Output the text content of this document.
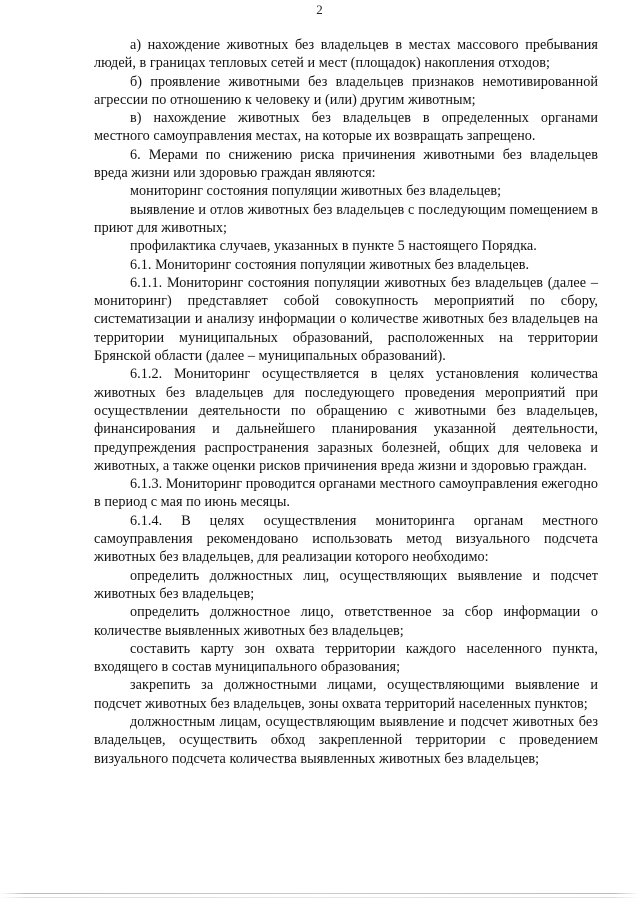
2

а) нахождение животных без владельцев в местах массового пребывания людей, в границах тепловых сетей и мест (площадок) накопления отходов;

б) проявление животными без владельцев признаков немотивированной агрессии по отношению к человеку и (или) другим животным;

в) нахождение животных без владельцев в определенных органами местного самоуправления местах, на которые их возвращать запрещено.

6. Мерами по снижению риска причинения животными без владельцев вреда жизни или здоровью граждан являются:

мониторинг состояния популяции животных без владельцев;

выявление и отлов животных без владельцев с последующим помещением в приют для животных;

профилактика случаев, указанных в пункте 5 настоящего Порядка.

6.1. Мониторинг состояния популяции животных без владельцев.

6.1.1. Мониторинг состояния популяции животных без владельцев (далее – мониторинг) представляет собой совокупность мероприятий по сбору, систематизации и анализу информации о количестве животных без владельцев на территории муниципальных образований, расположенных на территории Брянской области (далее – муниципальных образований).

6.1.2. Мониторинг осуществляется в целях установления количества животных без владельцев для последующего проведения мероприятий при осуществлении деятельности по обращению с животными без владельцев, финансирования и дальнейшего планирования указанной деятельности, предупреждения распространения заразных болезней, общих для человека и животных, а также оценки рисков причинения вреда жизни и здоровью граждан.

6.1.3. Мониторинг проводится органами местного самоуправления ежегодно в период с мая по июнь месяцы.

6.1.4. В целях осуществления мониторинга органам местного самоуправления рекомендовано использовать метод визуального подсчета животных без владельцев, для реализации которого необходимо:

определить должностных лиц, осуществляющих выявление и подсчет животных без владельцев;

определить должностное лицо, ответственное за сбор информации о количестве выявленных животных без владельцев;

составить карту зон охвата территории каждого населенного пункта, входящего в состав муниципального образования;

закрепить за должностными лицами, осуществляющими выявление и подсчет животных без владельцев, зоны охвата территорий населенных пунктов;

должностным лицам, осуществляющим выявление и подсчет животных без владельцев, осуществить обход закрепленной территории с проведением визуального подсчета количества выявленных животных без владельцев;
